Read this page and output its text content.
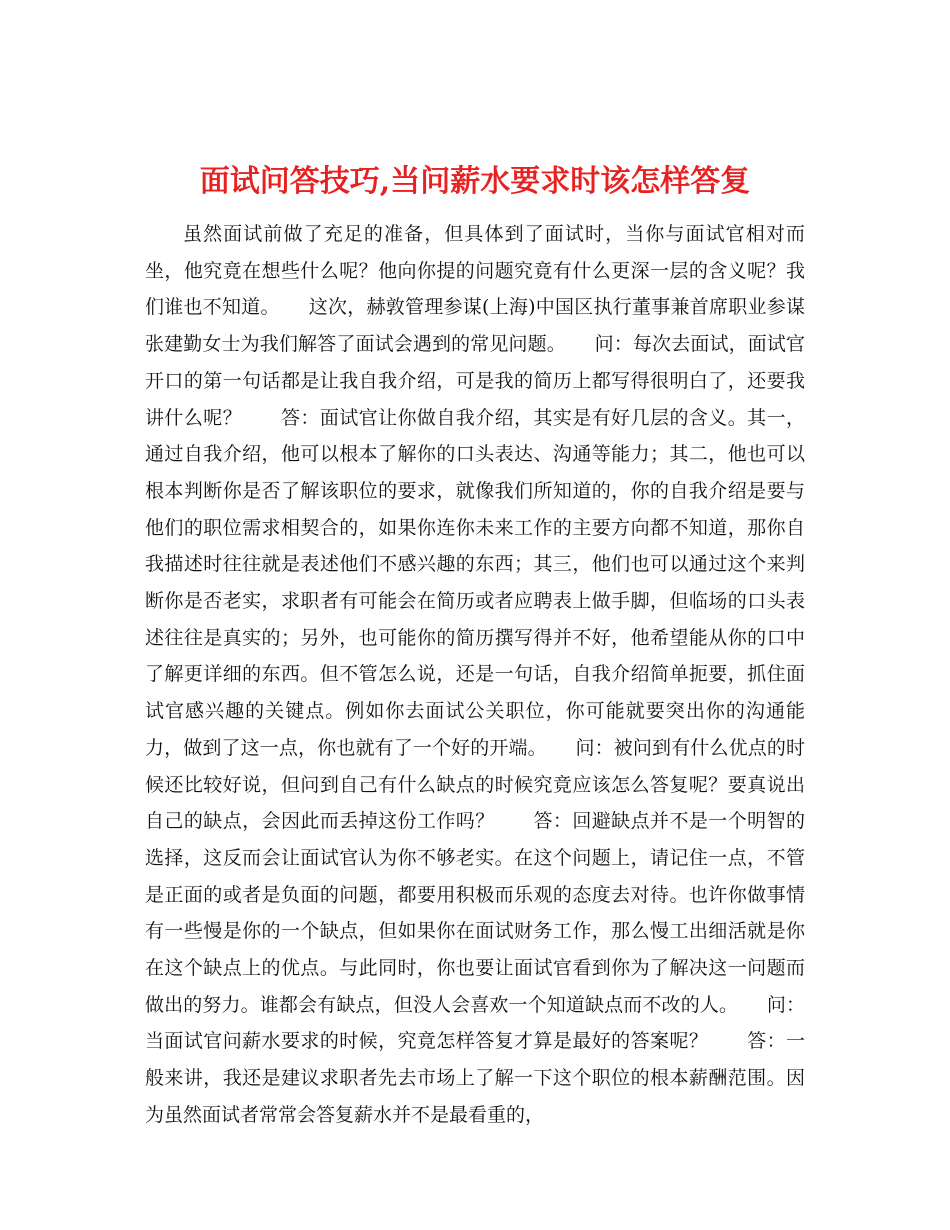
面试问答技巧,当问薪水要求时该怎样答复

虽然面试前做了充足的准备，但具体到了面试时，当你与面试官相对而坐，他究竟在想些什么呢？他向你提的问题究竟有什么更深一层的含义呢？我们谁也不知道。　　这次，赫敦管理参谋(上海)中国区执行董事兼首席职业参谋张建勤女士为我们解答了面试会遇到的常见问题。　　问：每次去面试，面试官开口的第一句话都是让我自我介绍，可是我的简历上都写得很明白了，还要我讲什么呢？　　答：面试官让你做自我介绍，其实是有好几层的含义。其一，通过自我介绍，他可以根本了解你的口头表达、沟通等能力；其二，他也可以根本判断你是否了解该职位的要求，就像我们所知道的，你的自我介绍是要与他们的职位需求相契合的，如果你连你未来工作的主要方向都不知道，那你自我描述时往往就是表述他们不感兴趣的东西；其三，他们也可以通过这个来判断你是否老实，求职者有可能会在简历或者应聘表上做手脚，但临场的口头表述往往是真实的；另外，也可能你的简历撰写得并不好，他希望能从你的口中了解更详细的东西。但不管怎么说，还是一句话，自我介绍简单扼要，抓住面试官感兴趣的关键点。例如你去面试公关职位，你可能就要突出你的沟通能力，做到了这一点，你也就有了一个好的开端。　　问：被问到有什么优点的时候还比较好说，但问到自己有什么缺点的时候究竟应该怎么答复呢？要真说出自己的缺点，会因此而丢掉这份工作吗？　　答：回避缺点并不是一个明智的选择，这反而会让面试官认为你不够老实。在这个问题上，请记住一点，不管是正面的或者是负面的问题，都要用积极而乐观的态度去对待。也许你做事情有一些慢是你的一个缺点，但如果你在面试财务工作，那么慢工出细活就是你在这个缺点上的优点。与此同时，你也要让面试官看到你为了解决这一问题而做出的努力。谁都会有缺点，但没人会喜欢一个知道缺点而不改的人。　　问：当面试官问薪水要求的时候，究竟怎样答复才算是最好的答案呢？　　答：一般来讲，我还是建议求职者先去市场上了解一下这个职位的根本薪酬范围。因为虽然面试者常常会答复薪水并不是最看重的，
